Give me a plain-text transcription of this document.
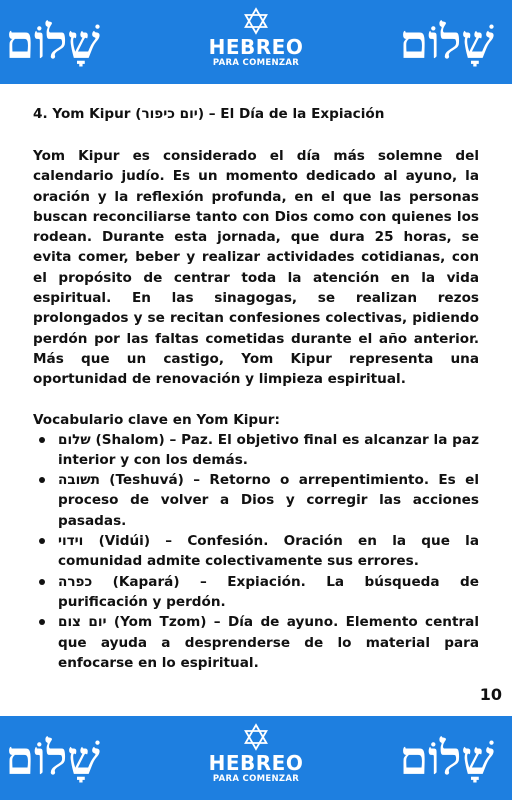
שָׁלוֹם	HEBREO
PARA COMENZAR	שָׁלוֹם
4. Yom Kipur (יום כיפור) – El Día de la Expiación

Yom Kipur es considerado el día más solemne del calendario judío. Es un momento dedicado al ayuno, la oración y la reflexión profunda, en el que las personas buscan reconciliarse tanto con Dios como con quienes los rodean. Durante esta jornada, que dura 25 horas, se evita comer, beber y realizar actividades cotidianas, con el propósito de centrar toda la atención en la vida espiritual. En las sinagogas, se realizan rezos prolongados y se recitan confesiones colectivas, pidiendo perdón por las faltas cometidas durante el año anterior. Más que un castigo, Yom Kipur representa una oportunidad de renovación y limpieza espiritual.

Vocabulario clave en Yom Kipur:
שלום (Shalom) – Paz. El objetivo final es alcanzar la paz interior y con los demás.
תשובה (Teshuvá) – Retorno o arrepentimiento. Es el proceso de volver a Dios y corregir las acciones pasadas.
וידוי (Vidúi) – Confesión. Oración en la que la comunidad admite colectivamente sus errores.
כפרה (Kapará) – Expiación. La búsqueda de purificación y perdón.
יום צום (Yom Tzom) – Día de ayuno. Elemento central que ayuda a desprenderse de lo material para enfocarse en lo espiritual.
10
שָׁלוֹם	HEBREO
PARA COMENZAR	שָׁלוֹם
